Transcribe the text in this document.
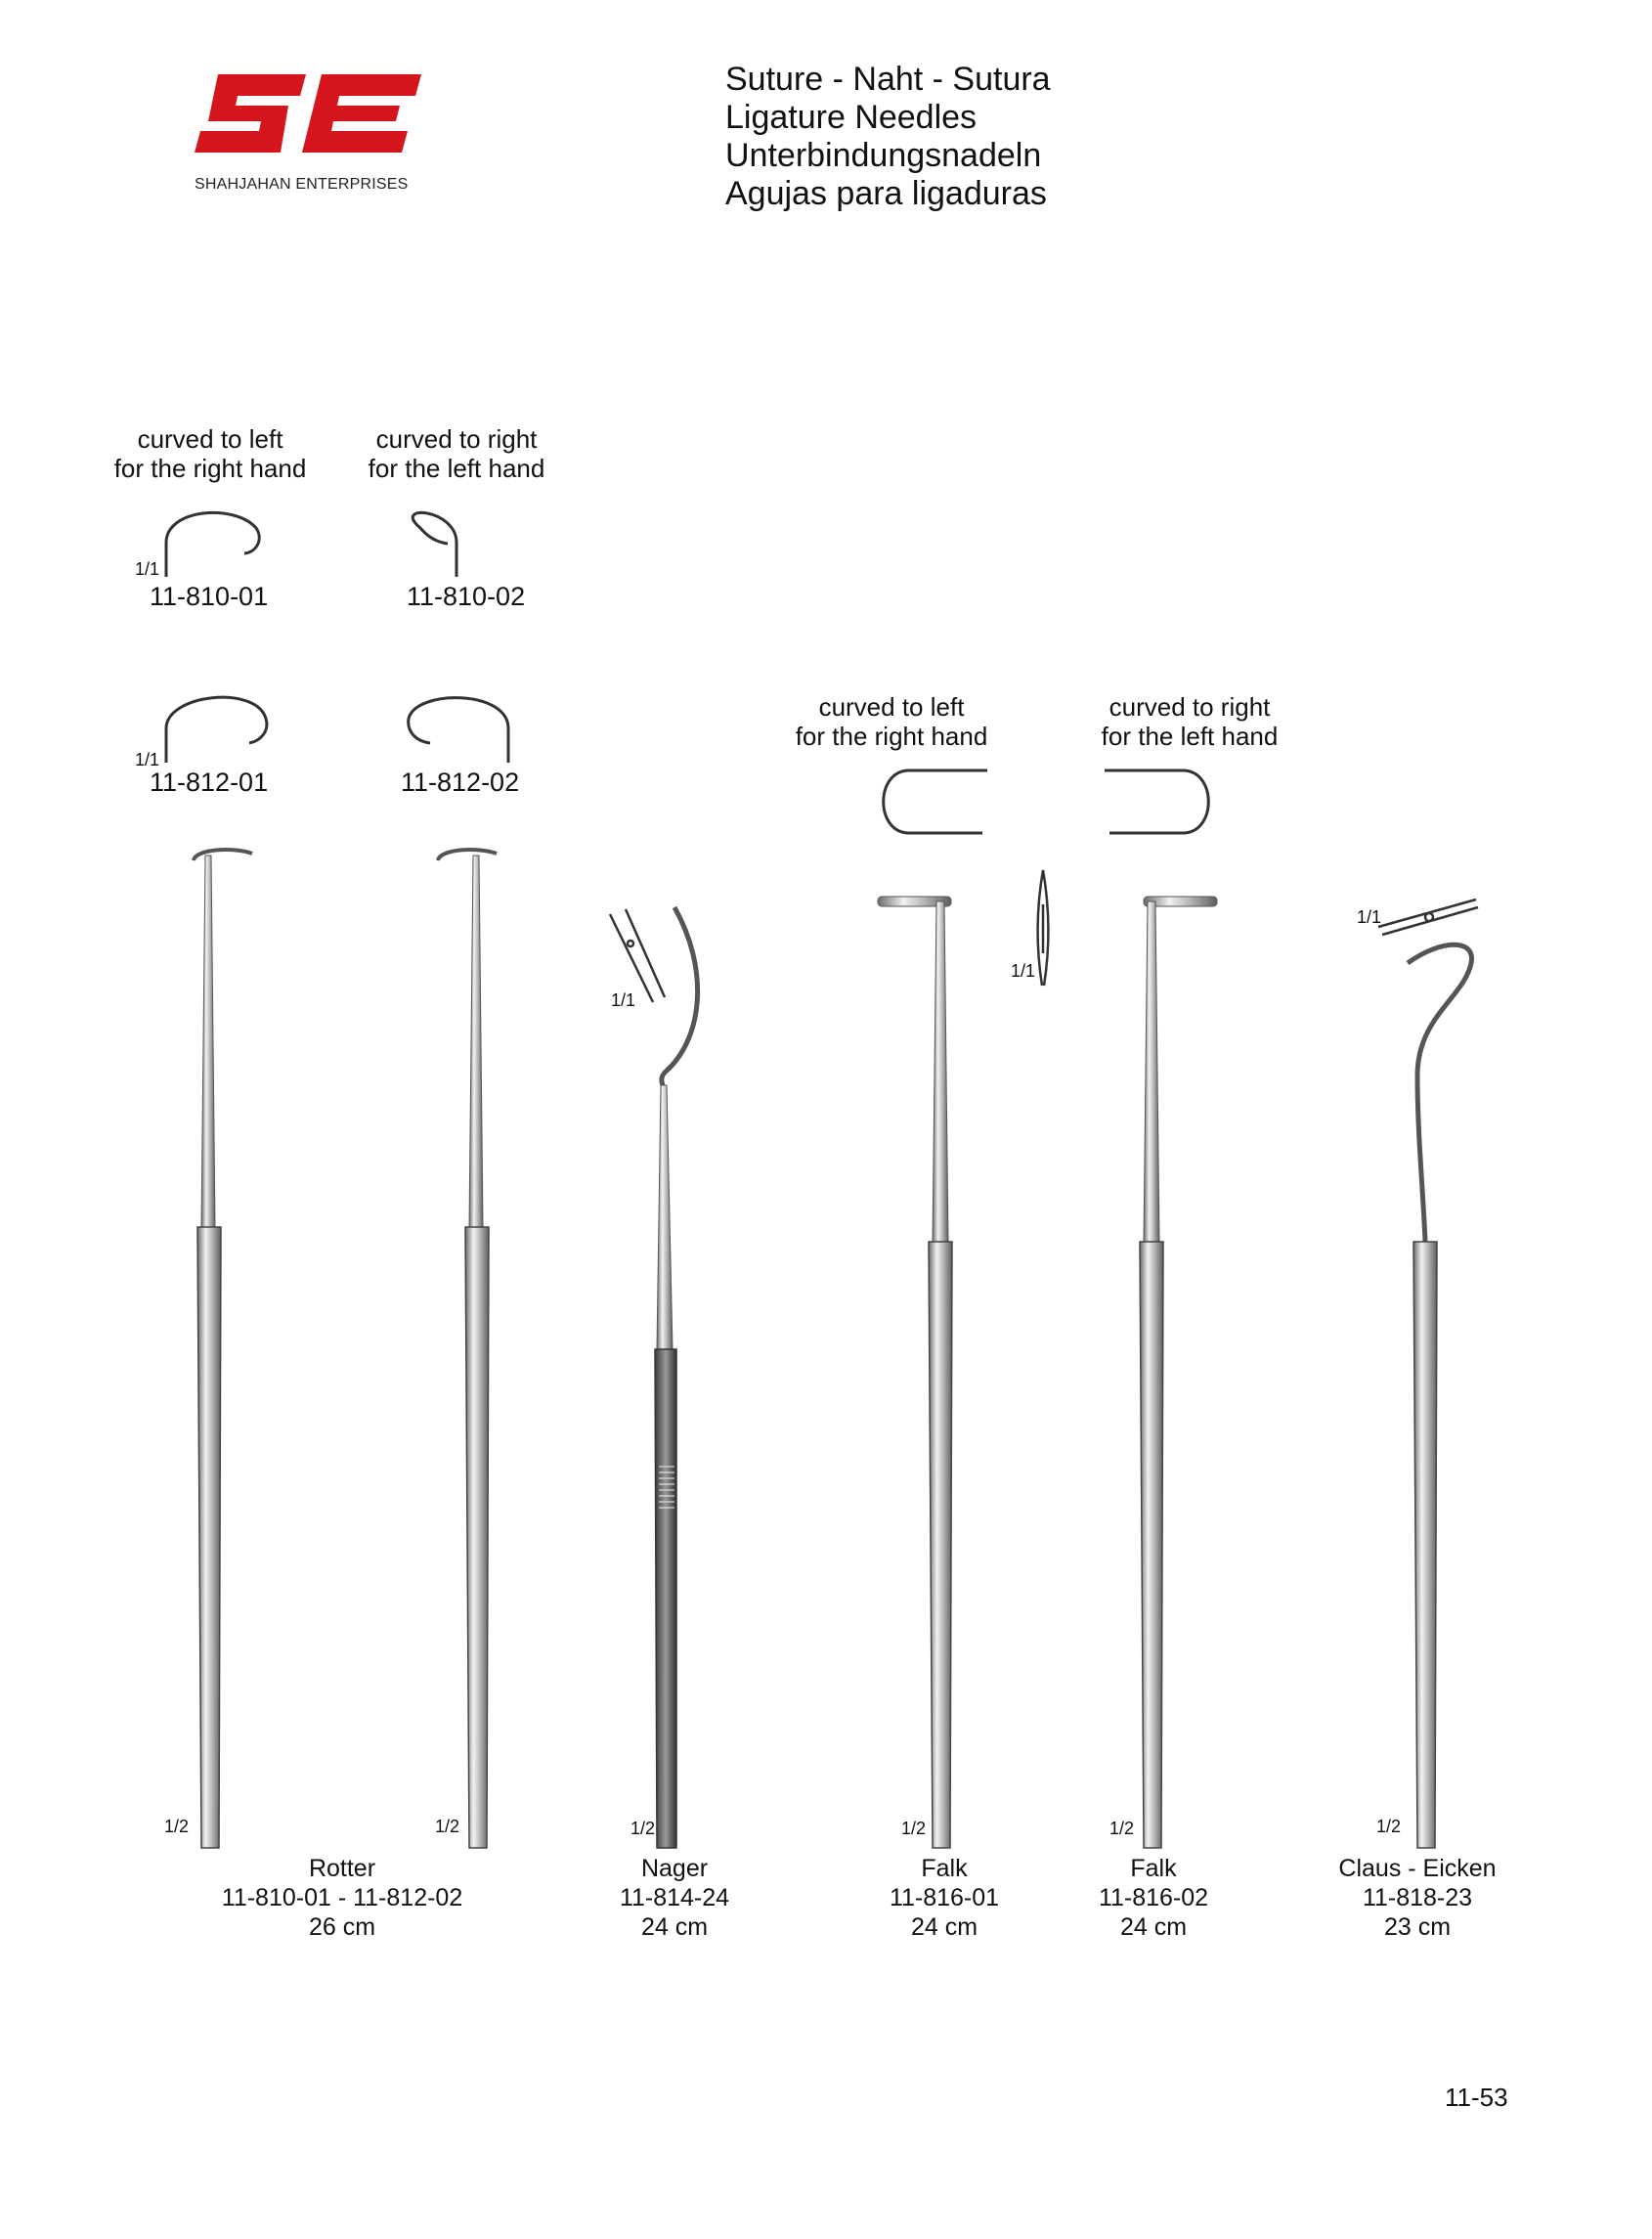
SHAHJAHAN ENTERPRISES
Suture - Naht - Sutura
Ligature Needles
Unterbindungsnadeln
Agujas para ligaduras
curved to left
for the right hand
curved to right
for the left hand
curved to left
for the right hand
curved to right
for the left hand
11-810-01	11-810-02
11-812-01	11-812-02
1/1
1/1
1/1
1/1
1/1
1/2	1/2	1/2	1/2	1/2	1/2
Rotter
11-810-01 - 11-812-02
26 cm
Nager
11-814-24
24 cm
Falk
11-816-01
24 cm
Falk
11-816-02
24 cm
Claus - Eicken
11-818-23
23 cm
11-53
